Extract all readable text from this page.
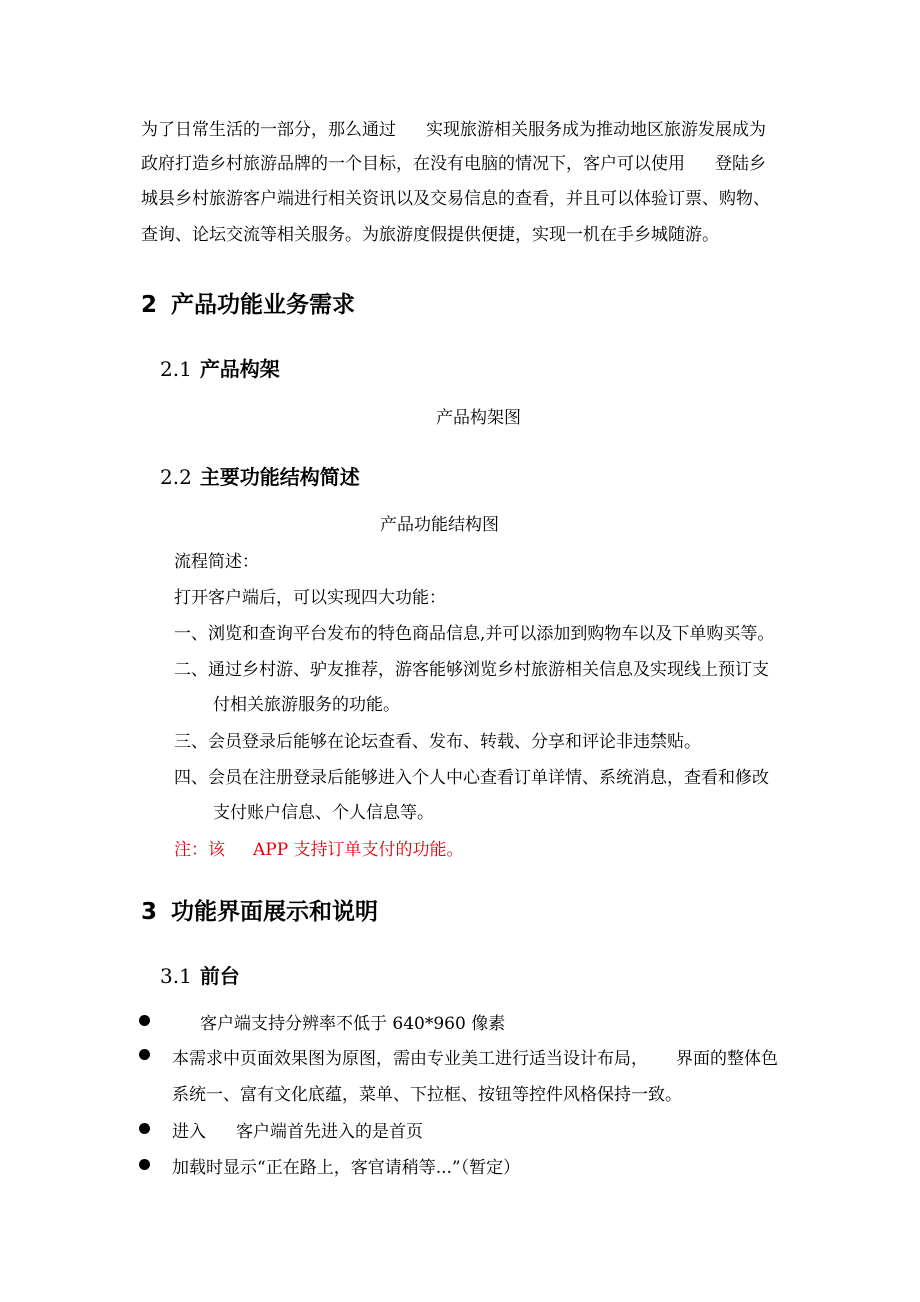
为了日常生活的一部分，那么通过 实现旅游相关服务成为推动地区旅游发展成为
政府打造乡村旅游品牌的一个目标，在没有电脑的情况下，客户可以使用 登陆乡
城县乡村旅游客户端进行相关资讯以及交易信息的查看，并且可以体验订票、购物、
查询、论坛交流等相关服务。为旅游度假提供便捷，实现一机在手乡城随游。
2 产品功能业务需求
2.1 产品构架
产品构架图
2.2 主要功能结构简述
产品功能结构图
流程简述：
打开客户端后，可以实现四大功能：
一、浏览和查询平台发布的特色商品信息,并可以添加到购物车以及下单购买等。
二、通过乡村游、驴友推荐，游客能够浏览乡村旅游相关信息及实现线上预订支
付相关旅游服务的功能。
三、会员登录后能够在论坛查看、发布、转载、分享和评论非违禁贴。
四、会员在注册登录后能够进入个人中心查看订单详情、系统消息，查看和修改
支付账户信息、个人信息等。
注：该 APP 支持订单支付的功能。
3 功能界面展示和说明
3.1 前台
客户端支持分辨率不低于 640*960 像素
本需求中页面效果图为原图，需由专业美工进行适当设计布局， 界面的整体色
系统一、富有文化底蕴，菜单、下拉框、按钮等控件风格保持一致。
进入 客户端首先进入的是首页
加载时显示“正在路上，客官请稍等...”（暂定）
